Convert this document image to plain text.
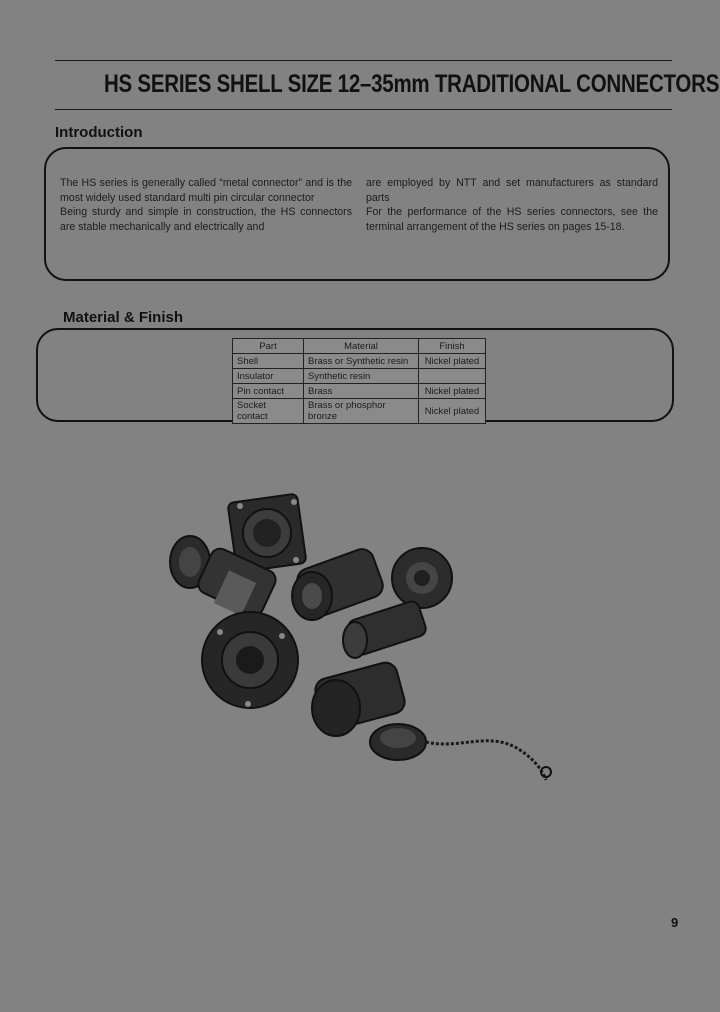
HS SERIES SHELL SIZE 12–35mm TRADITIONAL CONNECTORS
Introduction

The HS series is generally called “metal connector” and is the most widely used standard multi pin circular connector

Being sturdy and simple in construction, the HS connectors are stable mechanically and electrically and

are employed by NTT and set manufacturers as standard parts

For the performance of the HS series connectors, see the terminal arrangement of the HS series on pages 15-18.

Material & Finish
Part	Material	Finish
Shell	Brass or Synthetic resin	Nickel plated
Insulator	Synthetic resin	
Pin contact	Brass	Nickel plated
Socket contact	Brass or phosphor bronze	Nickel plated
9
